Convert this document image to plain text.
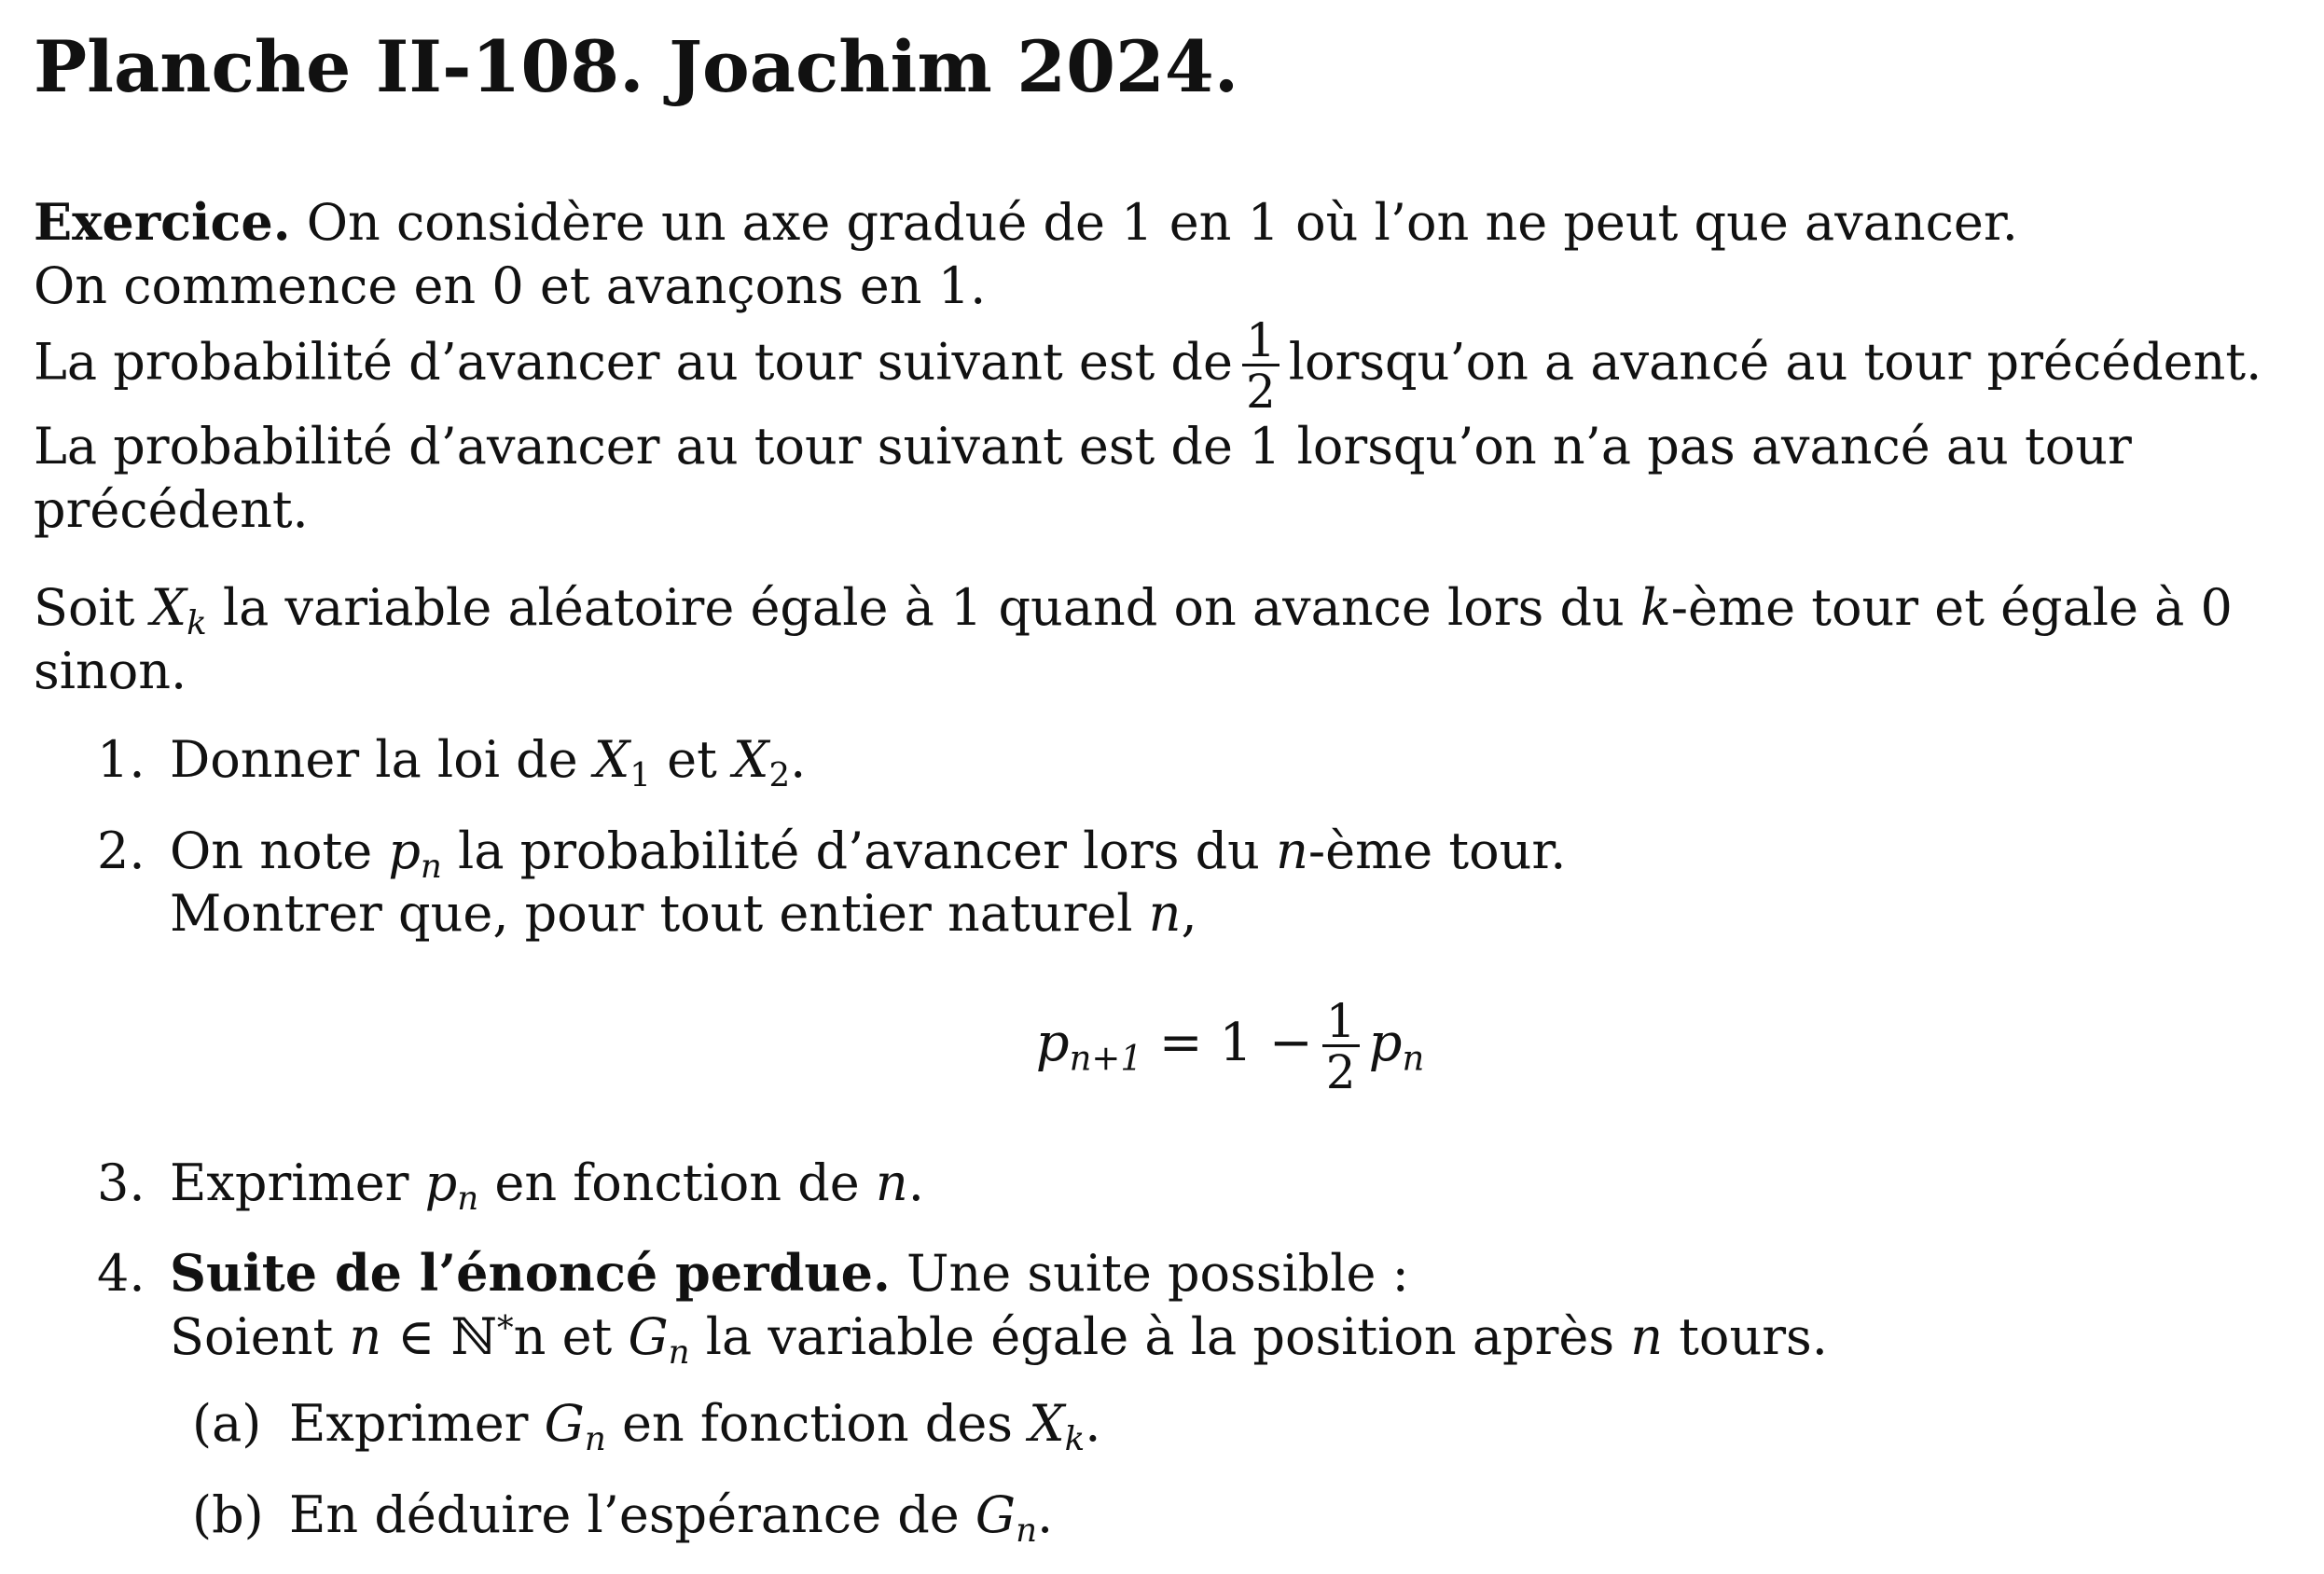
Planche II-108. Joachim 2024.

Exercice. On considère un axe gradué de 1 en 1 où l’on ne peut que avancer.

On commence en 0 et avançons en 1.

La probabilité d’avancer au tour suivant est de $\frac{1}{2}$ lorsqu’on a avancé au tour précédent.

La probabilité d’avancer au tour suivant est de 1 lorsqu’on n’a pas avancé au tour précédent.

Soit $X_k$ la variable aléatoire égale à 1 quand on avance lors du k-ème tour et égale à 0 sinon.

1. Donner la loi de $X_1$ et $X_2$.
2. On note $p_n$ la probabilité d’avancer lors du n-ème tour.
Montrer que, pour tout entier naturel n,
$p_{n+1} = 1 - \frac{1}{2} p_n$
3. Exprimer $p_n$ en fonction de n.
4. Suite de l’énoncé perdue. Une suite possible :
Soient n ∈ ℕ*n et $G_n$ la variable égale à la position après n tours.
(a) Exprimer $G_n$ en fonction des $X_k$.
(b) En déduire l’espérance de $G_n$.
